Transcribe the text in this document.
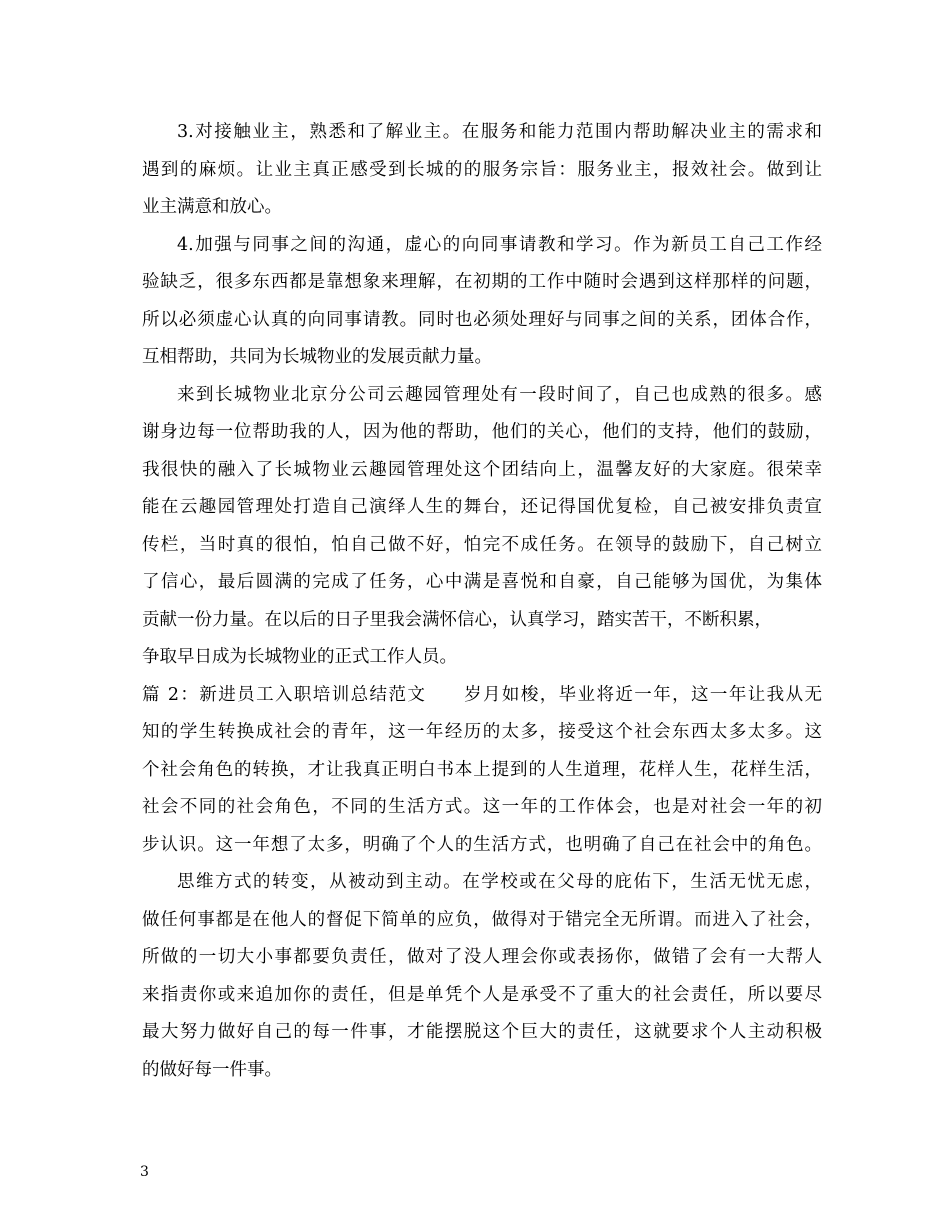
3.对接触业主，熟悉和了解业主。在服务和能力范围内帮助解决业主的需求和
遇到的麻烦。让业主真正感受到长城的的服务宗旨：服务业主，报效社会。做到让
业主满意和放心。
4.加强与同事之间的沟通，虚心的向同事请教和学习。作为新员工自己工作经
验缺乏，很多东西都是靠想象来理解，在初期的工作中随时会遇到这样那样的问题，
所以必须虚心认真的向同事请教。同时也必须处理好与同事之间的关系，团体合作，
互相帮助，共同为长城物业的发展贡献力量。
来到长城物业北京分公司云趣园管理处有一段时间了，自己也成熟的很多。感
谢身边每一位帮助我的人，因为他的帮助，他们的关心，他们的支持，他们的鼓励，
我很快的融入了长城物业云趣园管理处这个团结向上，温馨友好的大家庭。很荣幸
能在云趣园管理处打造自己演绎人生的舞台，还记得国优复检，自己被安排负责宣
传栏，当时真的很怕，怕自己做不好，怕完不成任务。在领导的鼓励下，自己树立
了信心，最后圆满的完成了任务，心中满是喜悦和自豪，自己能够为国优，为集体
贡献一份力量。在以后的日子里我会满怀信心，认真学习，踏实苦干，不断积累，
争取早日成为长城物业的正式工作人员。
篇 2：新进员工入职培训总结范文　　岁月如梭，毕业将近一年，这一年让我从无
知的学生转换成社会的青年，这一年经历的太多，接受这个社会东西太多太多。这
个社会角色的转换，才让我真正明白书本上提到的人生道理，花样人生，花样生活，
社会不同的社会角色，不同的生活方式。这一年的工作体会，也是对社会一年的初
步认识。这一年想了太多，明确了个人的生活方式，也明确了自己在社会中的角色。
思维方式的转变，从被动到主动。在学校或在父母的庇佑下，生活无忧无虑，
做任何事都是在他人的督促下简单的应负，做得对于错完全无所谓。而进入了社会，
所做的一切大小事都要负责任，做对了没人理会你或表扬你，做错了会有一大帮人
来指责你或来追加你的责任，但是单凭个人是承受不了重大的社会责任，所以要尽
最大努力做好自己的每一件事，才能摆脱这个巨大的责任，这就要求个人主动积极
的做好每一件事。
3
